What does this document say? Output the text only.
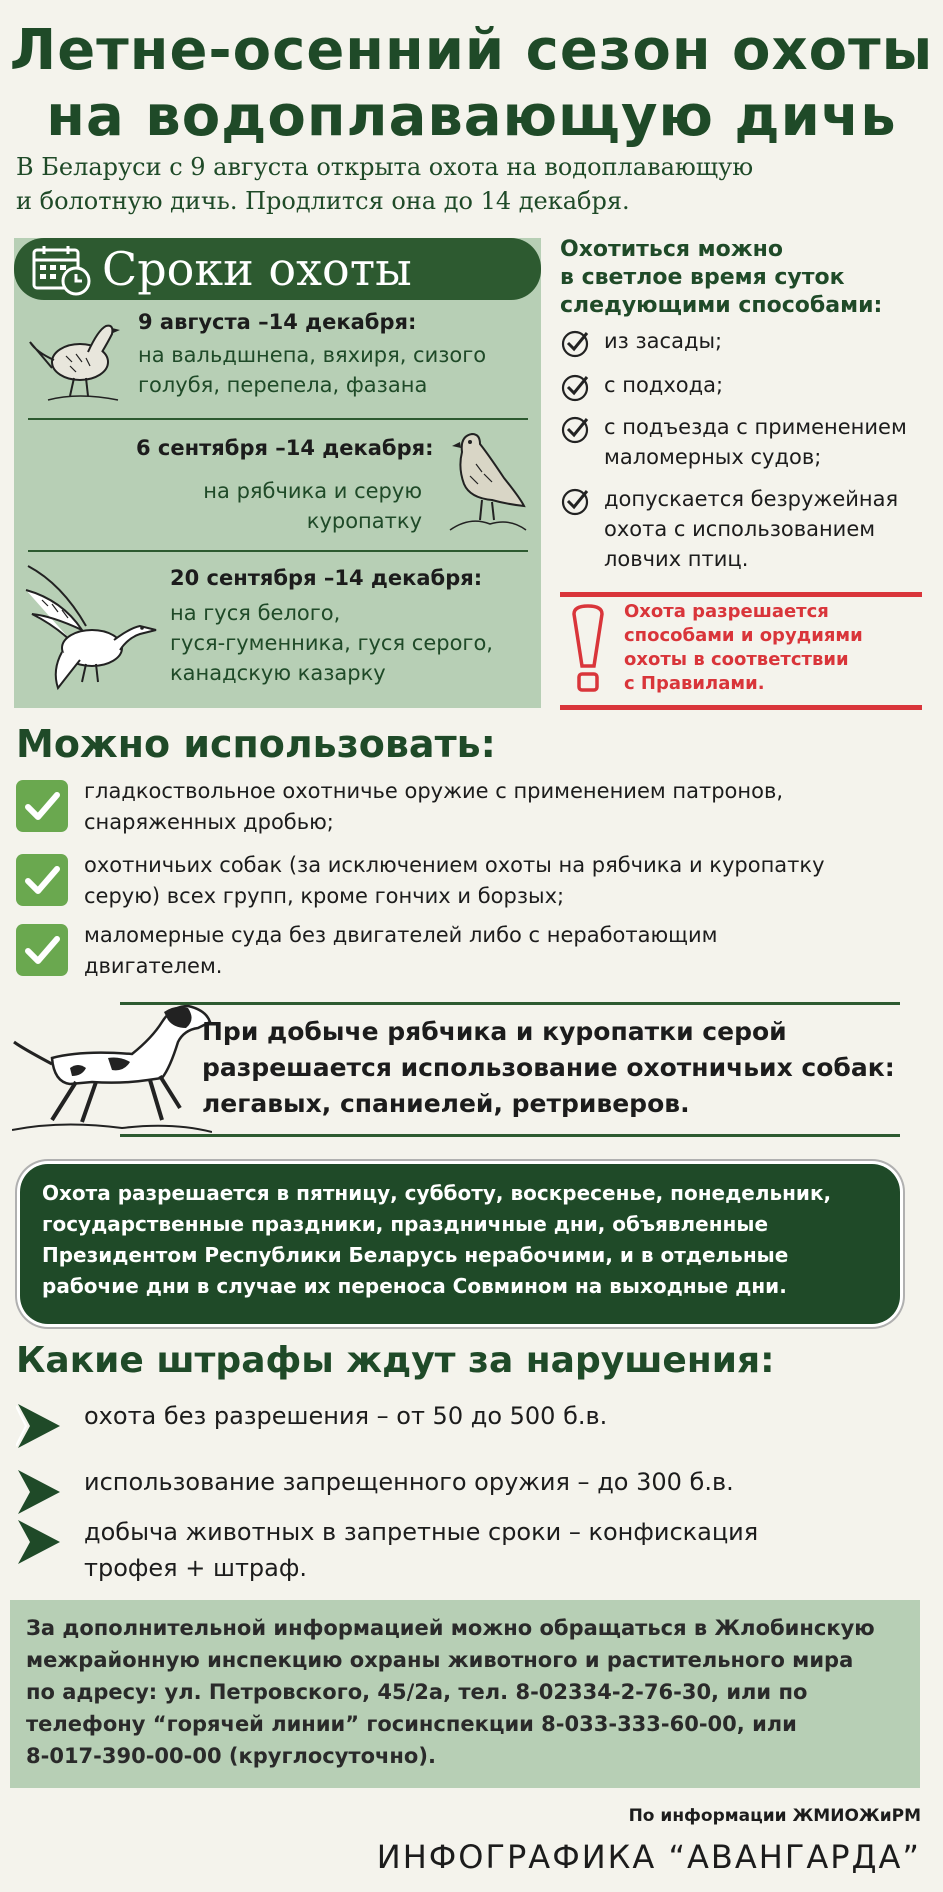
Летне-осенний сезон охоты
на водоплавающую дичь
В Беларуси с 9 августа открыта охота на водоплавающую
и болотную дичь. Продлится она до 14 декабря.
Сроки охоты
9 августа –14 декабря:
на вальдшнепа, вяхиря, сизого
голубя, перепела, фазана
6 сентября –14 декабря:
на рябчика и серую
куропатку
20 сентября –14 декабря:
на гуся белого,
гуся-гуменника, гуся серого,
канадскую казарку
Охотиться можно
в светлое время суток
следующими способами:
из засады;
с подхода;
с подъезда с применением
маломерных судов;
допускается безружейная
охота с использованием
ловчих птиц.
Охота разрешается
способами и орудиями
охоты в соответствии
с Правилами.
Можно использовать:
гладкоствольное охотничье оружие с применением патронов,
снаряженных дробью;
охотничьих собак (за исключением охоты на рябчика и куропатку
серую) всех групп, кроме гончих и борзых;
маломерные суда без двигателей либо с неработающим
двигателем.
При добыче рябчика и куропатки серой
разрешается использование охотничьих собак:
легавых, спаниелей, ретриверов.
Охота разрешается в пятницу, субботу, воскресенье, понедельник,
государственные праздники, праздничные дни, объявленные
Президентом Республики Беларусь нерабочими, и в отдельные
рабочие дни в случае их переноса Совмином на выходные дни.
Какие штрафы ждут за нарушения:
охота без разрешения – от 50 до 500 б.в.
использование запрещенного оружия – до 300 б.в.
добыча животных в запретные сроки – конфискация
трофея + штраф.
За дополнительной информацией можно обращаться в Жлобинскую
межрайонную инспекцию охраны животного и растительного мира
по адресу: ул. Петровского, 45/2а, тел. 8-02334-2-76-30, или по
телефону “горячей линии” госинспекции 8-033-333-60-00, или
8-017-390-00-00 (круглосуточно).
По информации ЖМИОЖиРМ
ИНФОГРАФИКА “АВАНГАРДА”
